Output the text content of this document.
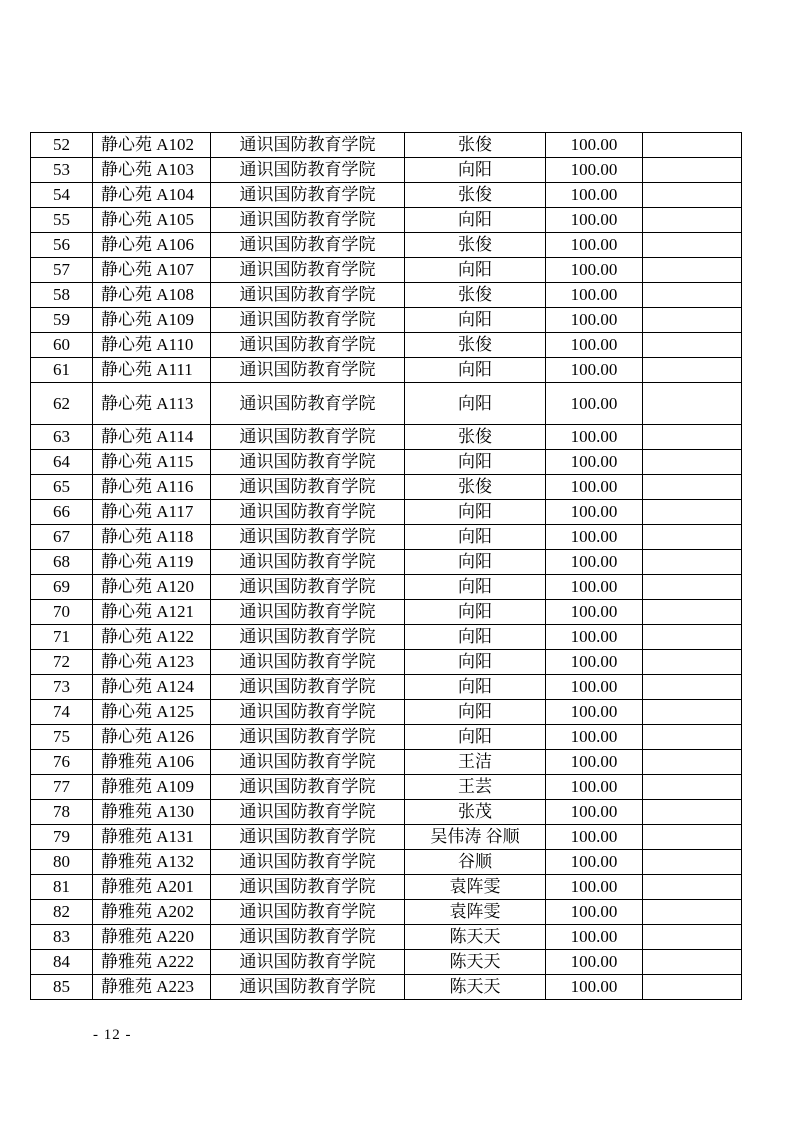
52	静心苑 A102	通识国防教育学院	张俊	100.00	
53	静心苑 A103	通识国防教育学院	向阳	100.00	
54	静心苑 A104	通识国防教育学院	张俊	100.00	
55	静心苑 A105	通识国防教育学院	向阳	100.00	
56	静心苑 A106	通识国防教育学院	张俊	100.00	
57	静心苑 A107	通识国防教育学院	向阳	100.00	
58	静心苑 A108	通识国防教育学院	张俊	100.00	
59	静心苑 A109	通识国防教育学院	向阳	100.00	
60	静心苑 A110	通识国防教育学院	张俊	100.00	
61	静心苑 A111	通识国防教育学院	向阳	100.00	
62	静心苑 A113	通识国防教育学院	向阳	100.00	
63	静心苑 A114	通识国防教育学院	张俊	100.00	
64	静心苑 A115	通识国防教育学院	向阳	100.00	
65	静心苑 A116	通识国防教育学院	张俊	100.00	
66	静心苑 A117	通识国防教育学院	向阳	100.00	
67	静心苑 A118	通识国防教育学院	向阳	100.00	
68	静心苑 A119	通识国防教育学院	向阳	100.00	
69	静心苑 A120	通识国防教育学院	向阳	100.00	
70	静心苑 A121	通识国防教育学院	向阳	100.00	
71	静心苑 A122	通识国防教育学院	向阳	100.00	
72	静心苑 A123	通识国防教育学院	向阳	100.00	
73	静心苑 A124	通识国防教育学院	向阳	100.00	
74	静心苑 A125	通识国防教育学院	向阳	100.00	
75	静心苑 A126	通识国防教育学院	向阳	100.00	
76	静雅苑 A106	通识国防教育学院	王洁	100.00	
77	静雅苑 A109	通识国防教育学院	王芸	100.00	
78	静雅苑 A130	通识国防教育学院	张茂	100.00	
79	静雅苑 A131	通识国防教育学院	吴伟涛 谷顺	100.00	
80	静雅苑 A132	通识国防教育学院	谷顺	100.00	
81	静雅苑 A201	通识国防教育学院	袁阵雯	100.00	
82	静雅苑 A202	通识国防教育学院	袁阵雯	100.00	
83	静雅苑 A220	通识国防教育学院	陈天天	100.00	
84	静雅苑 A222	通识国防教育学院	陈天天	100.00	
85	静雅苑 A223	通识国防教育学院	陈天天	100.00	
- 12 -
